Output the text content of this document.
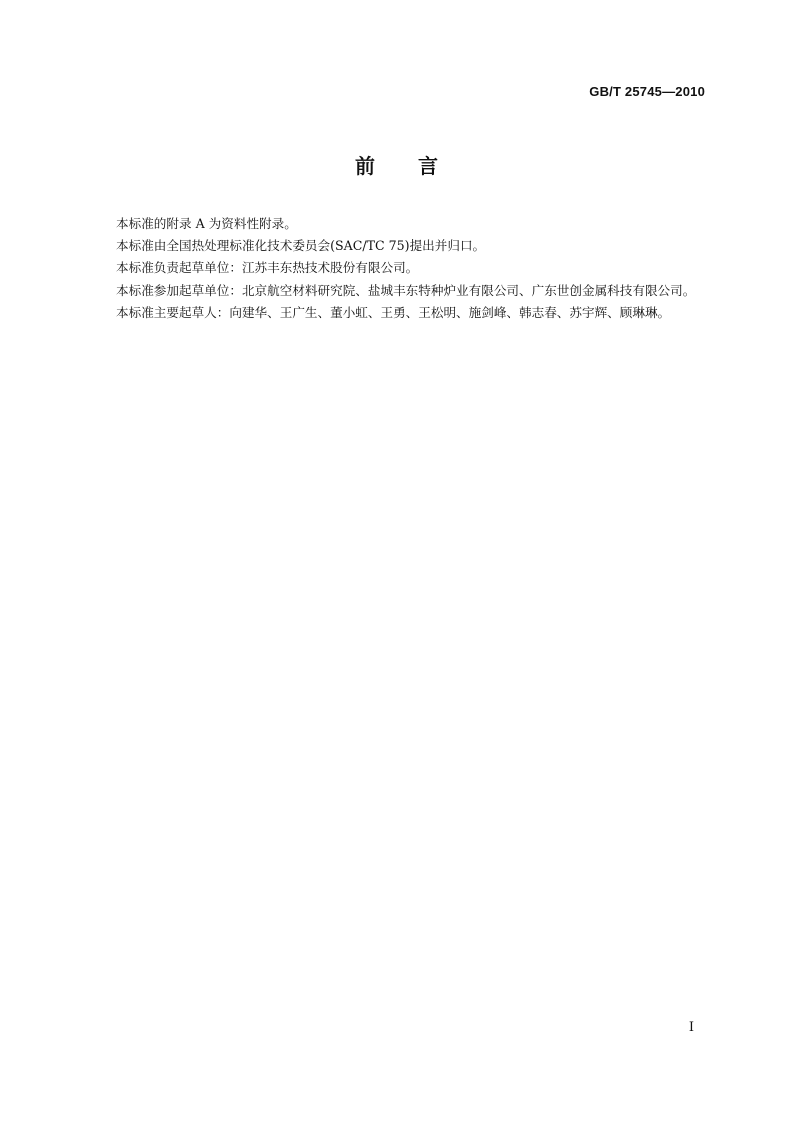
GB/T 25745—2010
前 言

本标准的附录 A 为资料性附录。

本标准由全国热处理标准化技术委员会(SAC/TC 75)提出并归口。

本标准负责起草单位：江苏丰东热技术股份有限公司。

本标准参加起草单位：北京航空材料研究院、盐城丰东特种炉业有限公司、广东世创金属科技有限公司。

本标准主要起草人：向建华、王广生、董小虹、王勇、王松明、施剑峰、韩志春、苏宇辉、顾琳琳。

I
